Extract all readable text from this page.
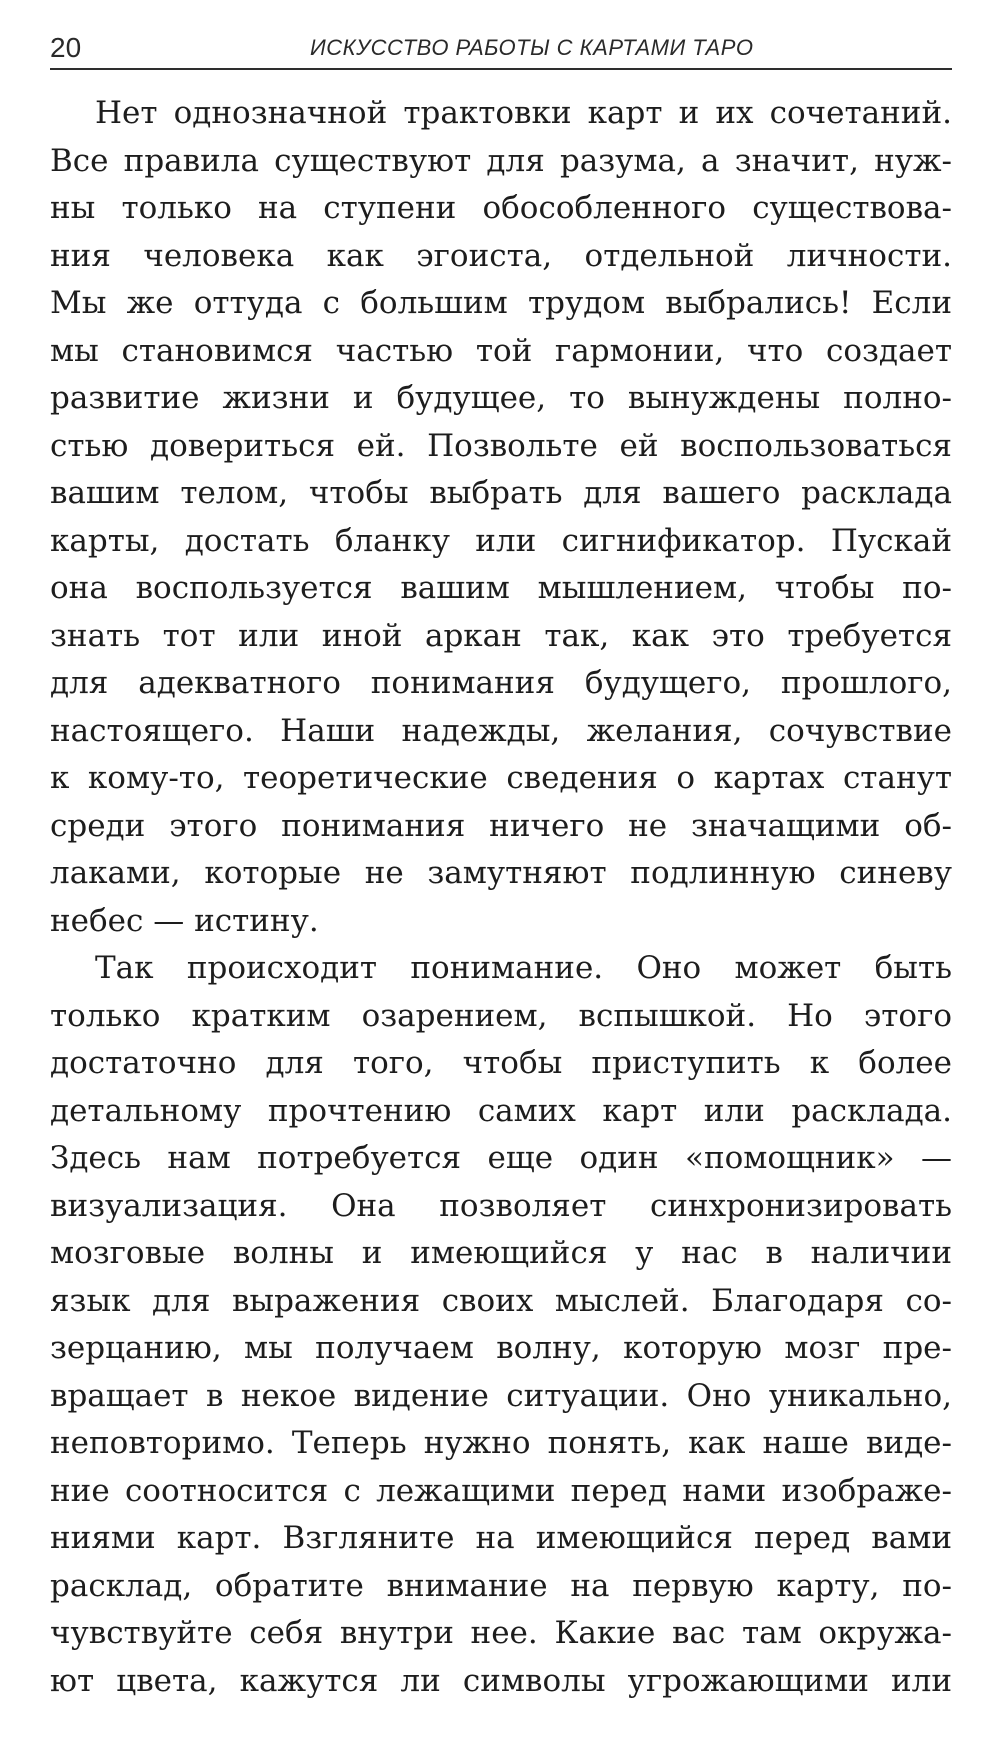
20	ИСКУССТВО РАБОТЫ С КАРТАМИ ТАРО
Нет однозначной трактовки карт и их сочетаний.
Все правила существуют для разума, а значит, нуж-
ны только на ступени обособленного существова-
ния человека как эгоиста, отдельной личности.
Мы же оттуда с большим трудом выбрались! Если
мы становимся частью той гармонии, что создает
развитие жизни и будущее, то вынуждены полно-
стью довериться ей. Позвольте ей воспользоваться
вашим телом, чтобы выбрать для вашего расклада
карты, достать бланку или сигнификатор. Пускай
она воспользуется вашим мышлением, чтобы по-
знать тот или иной аркан так, как это требуется
для адекватного понимания будущего, прошлого,
настоящего. Наши надежды, желания, сочувствие
к кому-то, теоретические сведения о картах станут
среди этого понимания ничего не значащими об-
лаками, которые не замутняют подлинную синеву
небес — истину.
Так происходит понимание. Оно может быть
только кратким озарением, вспышкой. Но этого
достаточно для того, чтобы приступить к более
детальному прочтению самих карт или расклада.
Здесь нам потребуется еще один «помощник» —
визуализация. Она позволяет синхронизировать
мозговые волны и имеющийся у нас в наличии
язык для выражения своих мыслей. Благодаря со-
зерцанию, мы получаем волну, которую мозг пре-
вращает в некое видение ситуации. Оно уникально,
неповторимо. Теперь нужно понять, как наше виде-
ние соотносится с лежащими перед нами изображе-
ниями карт. Взгляните на имеющийся перед вами
расклад, обратите внимание на первую карту, по-
чувствуйте себя внутри нее. Какие вас там окружа-
ют цвета, кажутся ли символы угрожающими или
